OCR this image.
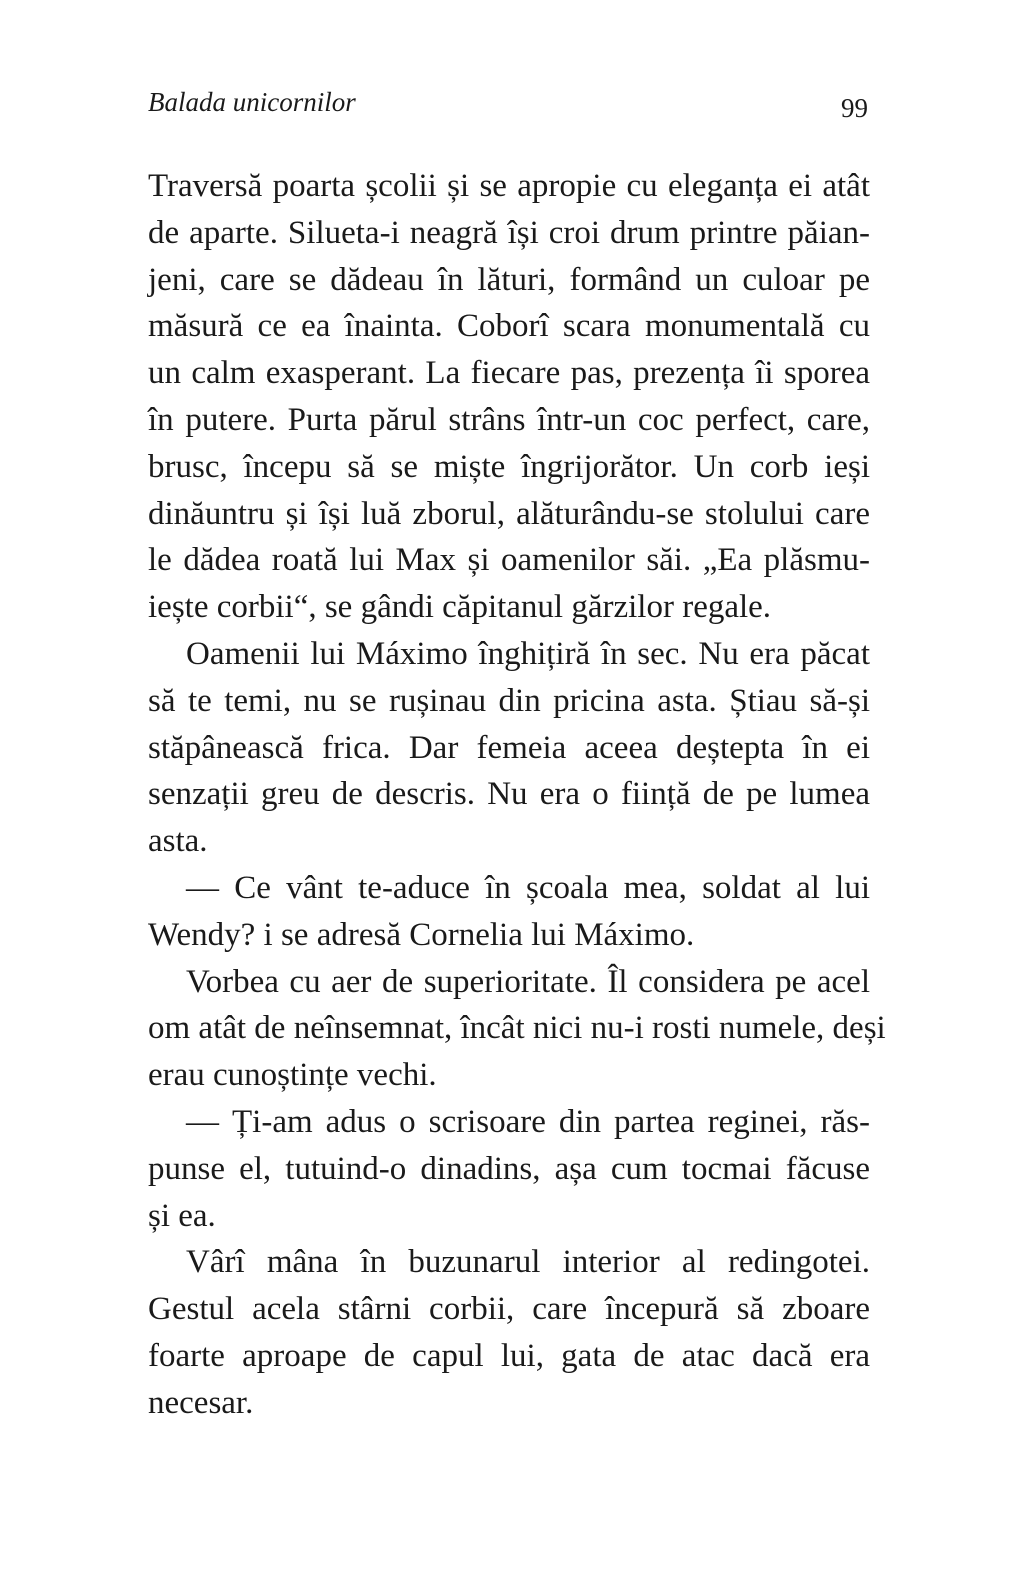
Balada unicornilor	99
Traversă poarta școlii și se apropie cu eleganța ei atât
de aparte. Silueta-i neagră își croi drum printre păian-
jeni, care se dădeau în lături, formând un culoar pe
măsură ce ea înainta. Coborî scara monumentală cu
un calm exasperant. La fiecare pas, prezența îi sporea
în putere. Purta părul strâns într-un coc perfect, care,
brusc, începu să se miște îngrijorător. Un corb ieși
dinăuntru și își luă zborul, alăturându-se stolului care
le dădea roată lui Max și oamenilor săi. „Ea plăsmu-
iește corbii“, se gândi căpitanul gărzilor regale.
Oamenii lui Máximo înghițiră în sec. Nu era păcat
să te temi, nu se rușinau din pricina asta. Știau să-și
stăpânească frica. Dar femeia aceea deștepta în ei
senzații greu de descris. Nu era o ființă de pe lumea
asta.
— Ce vânt te-aduce în școala mea, soldat al lui
Wendy? i se adresă Cornelia lui Máximo.
Vorbea cu aer de superioritate. Îl considera pe acel
om atât de neînsemnat, încât nici nu-i rosti numele, deși
erau cunoștințe vechi.
— Ți-am adus o scrisoare din partea reginei, răs-
punse el, tutuind-o dinadins, așa cum tocmai făcuse
și ea.
Vârî mâna în buzunarul interior al redingotei.
Gestul acela stârni corbii, care începură să zboare
foarte aproape de capul lui, gata de atac dacă era
necesar.
